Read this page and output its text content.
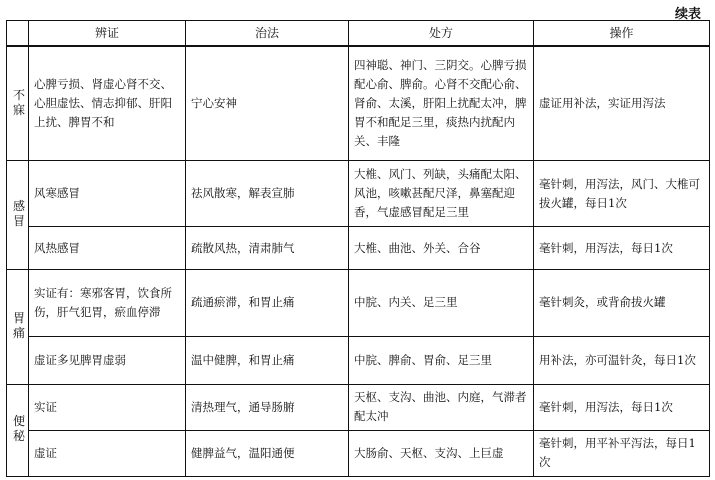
续表
	辨证	治法	处方	操作
不寐	心脾亏损、肾虚心肾不交、心胆虚怯、情志抑郁、肝阳上扰、脾胃不和	宁心安神	四神聪、神门、三阴交。心脾亏损配心俞、脾俞。心肾不交配心俞、肾俞、太溪，肝阳上扰配太冲，脾胃不和配足三里，痰热内扰配内关、丰隆	虚证用补法，实证用泻法
感冒	风寒感冒	祛风散寒，解表宣肺	大椎、风门、列缺，头痛配太阳、风池，咳嗽甚配尺泽，鼻塞配迎香，气虚感冒配足三里	毫针刺，用泻法，风门、大椎可拔火罐，每日1次
	风热感冒	疏散风热，清肃肺气	大椎、曲池、外关、合谷	毫针刺，用泻法，每日1次
胃痛	实证有：寒邪客胃，饮食所伤，肝气犯胃，瘀血停滞	疏通瘀滞，和胃止痛	中脘、内关、足三里	毫针刺灸，或背俞拔火罐
	虚证多见脾胃虚弱	温中健脾，和胃止痛	中脘、脾俞、胃俞、足三里	用补法，亦可温针灸，每日1次
便秘	实证	清热理气，通导肠腑	天枢、支沟、曲池、内庭，气滞者配太冲	毫针刺，用泻法，每日1次
	虚证	健脾益气，温阳通便	大肠俞、天枢、支沟、上巨虚	毫针刺，用平补平泻法，每日1次
